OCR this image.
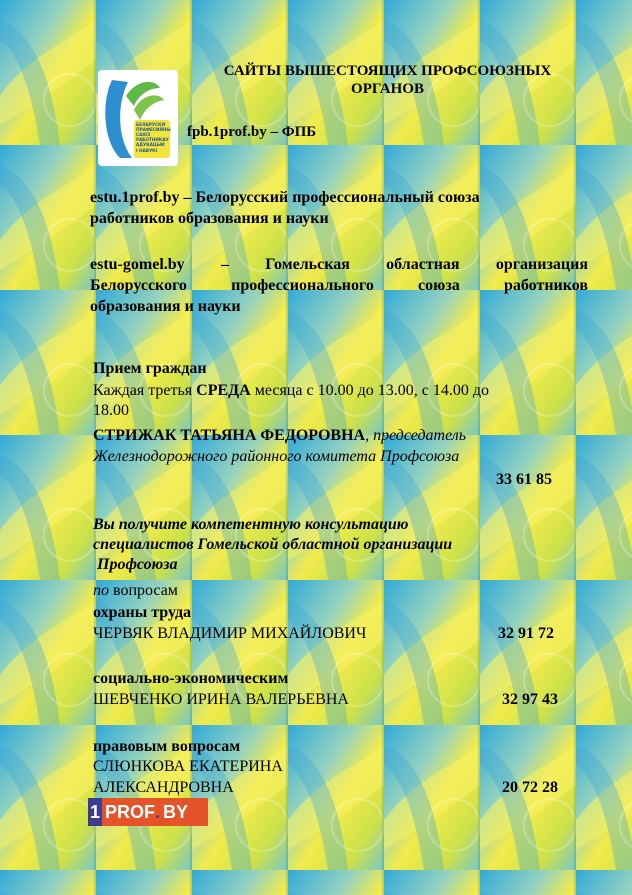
БЕЛАРУСКИ
ПРАФЕСИЙНЫ
САЮЗ
РАБОТНИКАУ
АДУКАЦЫИ
І НАВУКІ
САЙТЫ ВЫШЕСТОЯЩИХ ПРОФСОЮЗНЫХ
ОРГАНОВ
fpb.1prof.by – ФПБ
estu.1prof.by – Белорусский профессиональный союза
работников образования и науки
estu-gomel.by – Гомельская областная организация
Белорусского профессионального союза работников
образования и науки
Прием граждан
Каждая третья СРЕДА месяца с 10.00 до 13.00, с 14.00 до
18.00
СТРИЖАК ТАТЬЯНА ФЕДОРОВНА, председатель
Железнодорожного районного комитета Профсоюза
33 61 85
Вы получите компетентную консультацию
специалистов Гомельской областной организации
Профсоюза
по вопросам
охраны труда
ЧЕРВЯК ВЛАДИМИР МИХАЙЛОВИЧ	32 91 72
социально-экономическим
ШЕВЧЕНКО ИРИНА ВАЛЕРЬЕВНА	32 97 43
правовым вопросам
СЛЮНКОВА ЕКАТЕРИНА
АЛЕКСАНДРОВНА	20 72 28
1 PROF . BY
